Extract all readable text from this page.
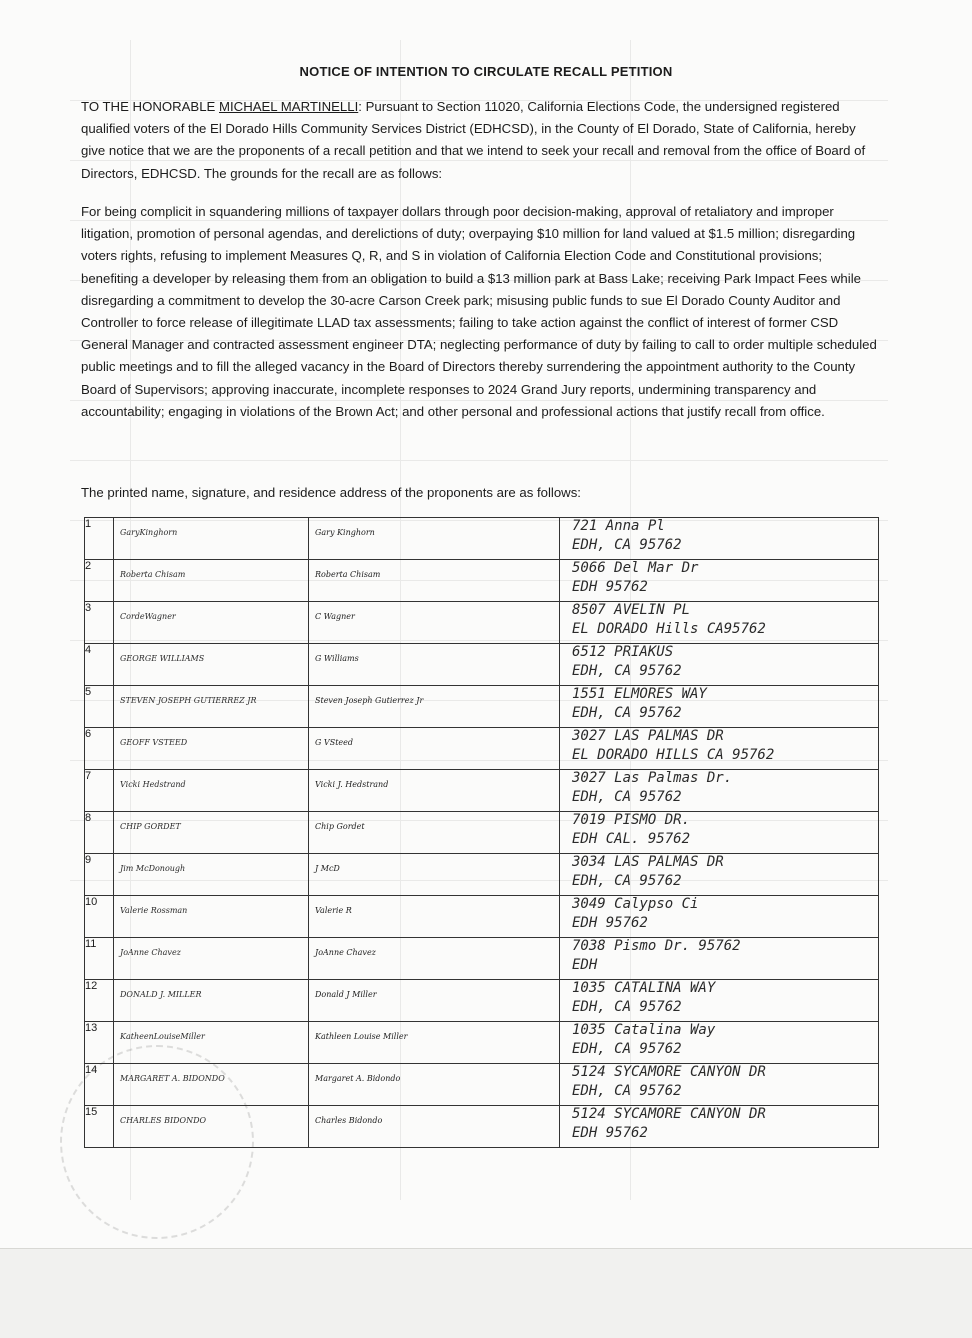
NOTICE OF INTENTION TO CIRCULATE RECALL PETITION
TO THE HONORABLE MICHAEL MARTINELLI: Pursuant to Section 11020, California Elections Code, the undersigned registered qualified voters of the El Dorado Hills Community Services District (EDHCSD), in the County of El Dorado, State of California, hereby give notice that we are the proponents of a recall petition and that we intend to seek your recall and removal from the office of Board of Directors, EDHCSD. The grounds for the recall are as follows:
For being complicit in squandering millions of taxpayer dollars through poor decision-making, approval of retaliatory and improper litigation, promotion of personal agendas, and derelictions of duty; overpaying $10 million for land valued at $1.5 million; disregarding voters rights, refusing to implement Measures Q, R, and S in violation of California Election Code and Constitutional provisions; benefiting a developer by releasing them from an obligation to build a $13 million park at Bass Lake; receiving Park Impact Fees while disregarding a commitment to develop the 30-acre Carson Creek park; misusing public funds to sue El Dorado County Auditor and Controller to force release of illegitimate LLAD tax assessments; failing to take action against the conflict of interest of former CSD General Manager and contracted assessment engineer DTA; neglecting performance of duty by failing to call to order multiple scheduled public meetings and to fill the alleged vacancy in the Board of Directors thereby surrendering the appointment authority to the County Board of Supervisors; approving inaccurate, incomplete responses to 2024 Grand Jury reports, undermining transparency and accountability; engaging in violations of the Brown Act; and other personal and professional actions that justify recall from office.
The printed name, signature, and residence address of the proponents are as follows:
1	GaryKinghorn	Gary Kinghorn	721 Anna Pl
EDH, CA 95762

2	Roberta Chisam	Roberta Chisam	5066 Del Mar Dr
EDH 95762

3	CordeWagner	C Wagner	8507 AVELIN PL
EL DORADO Hills CA95762

4	GEORGE WILLIAMS	G Williams	6512 PRIAKUS
EDH, CA 95762

5	STEVEN JOSEPH GUTIERREZ JR	Steven Joseph Gutierrez Jr	1551 ELMORES WAY
EDH, CA 95762

6	GEOFF VSTEED	G VSteed	3027 LAS PALMAS DR
EL DORADO HILLS CA 95762

7	Vicki Hedstrand	Vicki J. Hedstrand	3027 Las Palmas Dr.
EDH, CA 95762

8	CHIP GORDET	Chip Gordet	7019 PISMO DR.
EDH CAL. 95762

9	Jim McDonough	J McD	3034 LAS PALMAS DR
EDH, CA 95762

10	Valerie Rossman	Valerie R	3049 Calypso Ci
EDH 95762

11	JoAnne Chavez	JoAnne Chavez	7038 Pismo Dr. 95762
EDH

12	DONALD J. MILLER	Donald J Miller	1035 CATALINA WAY
EDH, CA 95762

13	KatheenLouiseMiller	Kathleen Louise Miller	1035 Catalina Way
EDH, CA 95762

14	MARGARET A. BIDONDO	Margaret A. Bidondo	5124 SYCAMORE CANYON DR
EDH, CA 95762

15	CHARLES BIDONDO	Charles Bidondo	5124 SYCAMORE CANYON DR
EDH 95762
